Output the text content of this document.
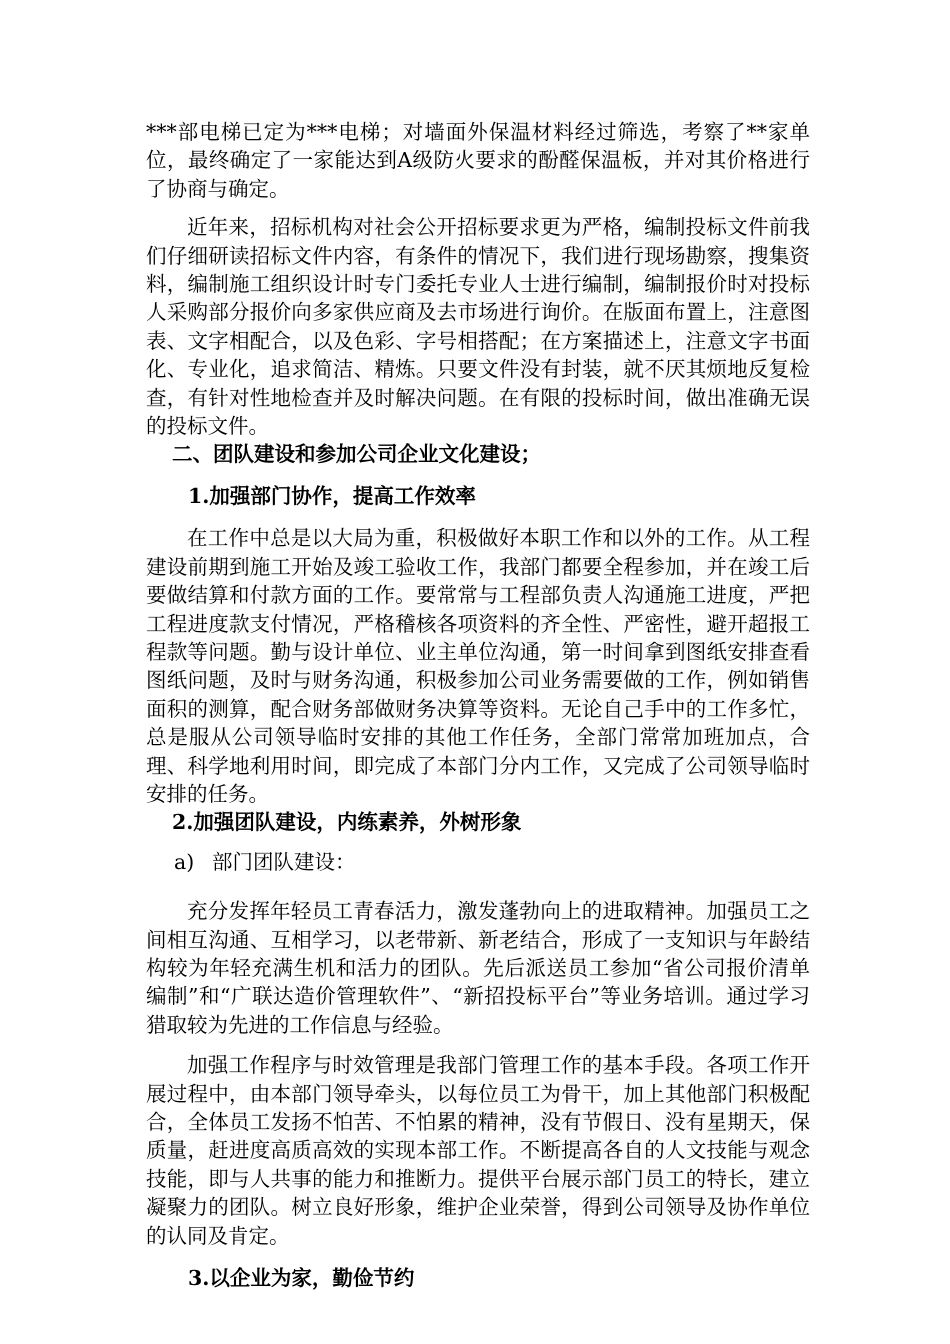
***部电梯已定为***电梯；对墙面外保温材料经过筛选，考察了**家单位，最终确定了一家能达到A级防火要求的酚醛保温板，并对其价格进行了协商与确定。

近年来，招标机构对社会公开招标要求更为严格，编制投标文件前我们仔细研读招标文件内容，有条件的情况下，我们进行现场勘察，搜集资料，编制施工组织设计时专门委托专业人士进行编制，编制报价时对投标人采购部分报价向多家供应商及去市场进行询价。在版面布置上，注意图表、文字相配合，以及色彩、字号相搭配；在方案描述上，注意文字书面化、专业化，追求简洁、精炼。只要文件没有封装，就不厌其烦地反复检查，有针对性地检查并及时解决问题。在有限的投标时间，做出准确无误的投标文件。

二、团队建设和参加公司企业文化建设；
1.加强部门协作，提高工作效率

在工作中总是以大局为重，积极做好本职工作和以外的工作。从工程建设前期到施工开始及竣工验收工作，我部门都要全程参加，并在竣工后要做结算和付款方面的工作。要常常与工程部负责人沟通施工进度，严把工程进度款支付情况，严格稽核各项资料的齐全性、严密性，避开超报工程款等问题。勤与设计单位、业主单位沟通，第一时间拿到图纸安排查看图纸问题，及时与财务沟通，积极参加公司业务需要做的工作，例如销售面积的测算，配合财务部做财务决算等资料。无论自己手中的工作多忙，总是服从公司领导临时安排的其他工作任务，全部门常常加班加点，合理、科学地利用时间，即完成了本部门分内工作，又完成了公司领导临时安排的任务。

2.加强团队建设，内练素养，外树形象
a) 部门团队建设：

充分发挥年轻员工青春活力，激发蓬勃向上的进取精神。加强员工之间相互沟通、互相学习，以老带新、新老结合，形成了一支知识与年龄结构较为年轻充满生机和活力的团队。先后派送员工参加“省公司报价清单编制”和“广联达造价管理软件”、“新招投标平台”等业务培训。通过学习猎取较为先进的工作信息与经验。

加强工作程序与时效管理是我部门管理工作的基本手段。各项工作开展过程中，由本部门领导牵头，以每位员工为骨干，加上其他部门积极配合，全体员工发扬不怕苦、不怕累的精神，没有节假日、没有星期天，保质量，赶进度高质高效的实现本部工作。不断提高各自的人文技能与观念技能，即与人共事的能力和推断力。提供平台展示部门员工的特长，建立凝聚力的团队。树立良好形象，维护企业荣誉，得到公司领导及协作单位的认同及肯定。

3.以企业为家，勤俭节约
